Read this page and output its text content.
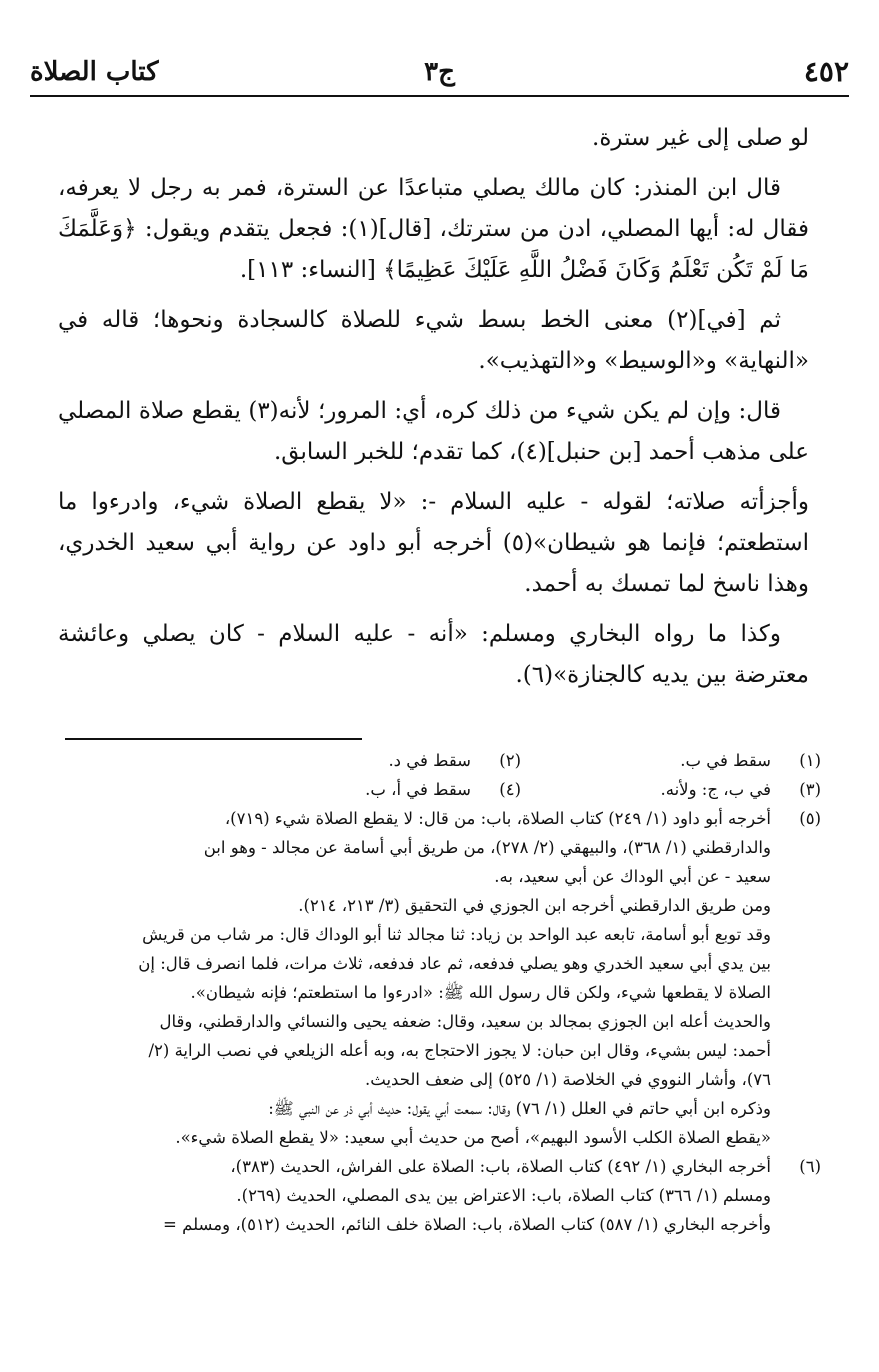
٤٥٢
ج٣
كتاب الصلاة

لو صلى إلى غير سترة.

قال ابن المنذر: كان مالك يصلي متباعدًا عن السترة، فمر به رجل لا يعرفه، فقال له: أيها المصلي، ادن من سترتك، [قال](١): فجعل يتقدم ويقول: ﴿وَعَلَّمَكَ مَا لَمْ تَكُن تَعْلَمُ وَكَانَ فَضْلُ اللَّهِ عَلَيْكَ عَظِيمًا﴾ [النساء: ١١٣].

ثم [في](٢) معنى الخط بسط شيء للصلاة كالسجادة ونحوها؛ قاله في «النهاية» و«الوسيط» و«التهذيب».

قال: وإن لم يكن شيء من ذلك كره، أي: المرور؛ لأنه(٣) يقطع صلاة المصلي على مذهب أحمد [بن حنبل](٤)، كما تقدم؛ للخبر السابق.

وأجزأته صلاته؛ لقوله - عليه السلام -: «لا يقطع الصلاة شيء، وادرءوا ما استطعتم؛ فإنما هو شيطان»(٥) أخرجه أبو داود عن رواية أبي سعيد الخدري، وهذا ناسخ لما تمسك به أحمد.

وكذا ما رواه البخاري ومسلم: «أنه - عليه السلام - كان يصلي وعائشة معترضة بين يديه كالجنازة»(٦).

(١)
سقط في ب.
(٢)
سقط في د.
(٣)
في ب، ج: ولأنه.
(٤)
سقط في أ، ب.
(٥)
أخرجه أبو داود (١/ ٢٤٩) كتاب الصلاة، باب: من قال: لا يقطع الصلاة شيء (٧١٩)،
والدارقطني (١/ ٣٦٨)، والبيهقي (٢/ ٢٧٨)، من طريق أبي أسامة عن مجالد - وهو ابن
سعيد - عن أبي الوداك عن أبي سعيد، به.
ومن طريق الدارقطني أخرجه ابن الجوزي في التحقيق (٣/ ٢١٣، ٢١٤).
وقد توبع أبو أسامة، تابعه عبد الواحد بن زياد: ثنا مجالد ثنا أبو الوداك قال: مر شاب من قريش
بين يدي أبي سعيد الخدري وهو يصلي فدفعه، ثم عاد فدفعه، ثلاث مرات، فلما انصرف قال: إن
الصلاة لا يقطعها شيء، ولكن قال رسول الله ﷺ: «ادرءوا ما استطعتم؛ فإنه شيطان».
والحديث أعله ابن الجوزي بمجالد بن سعيد، وقال: ضعفه يحيى والنسائي والدارقطني، وقال
أحمد: ليس بشيء، وقال ابن حبان: لا يجوز الاحتجاج به، وبه أعله الزيلعي في نصب الراية (٢/
٧٦)، وأشار النووي في الخلاصة (١/ ٥٢٥) إلى ضعف الحديث.
وذكره ابن أبي حاتم في العلل (١/ ٧٦) وقال: سمعت أبي يقول: حديث أبي ذر عن النبي ﷺ:
«يقطع الصلاة الكلب الأسود البهيم»، أصح من حديث أبي سعيد: «لا يقطع الصلاة شيء».
(٦)
أخرجه البخاري (١/ ٤٩٢) كتاب الصلاة، باب: الصلاة على الفراش، الحديث (٣٨٣)،
ومسلم (١/ ٣٦٦) كتاب الصلاة، باب: الاعتراض بين يدى المصلي، الحديث (٢٦٩).
وأخرجه البخاري (١/ ٥٨٧) كتاب الصلاة، باب: الصلاة خلف النائم، الحديث (٥١٢)، ومسلم =
